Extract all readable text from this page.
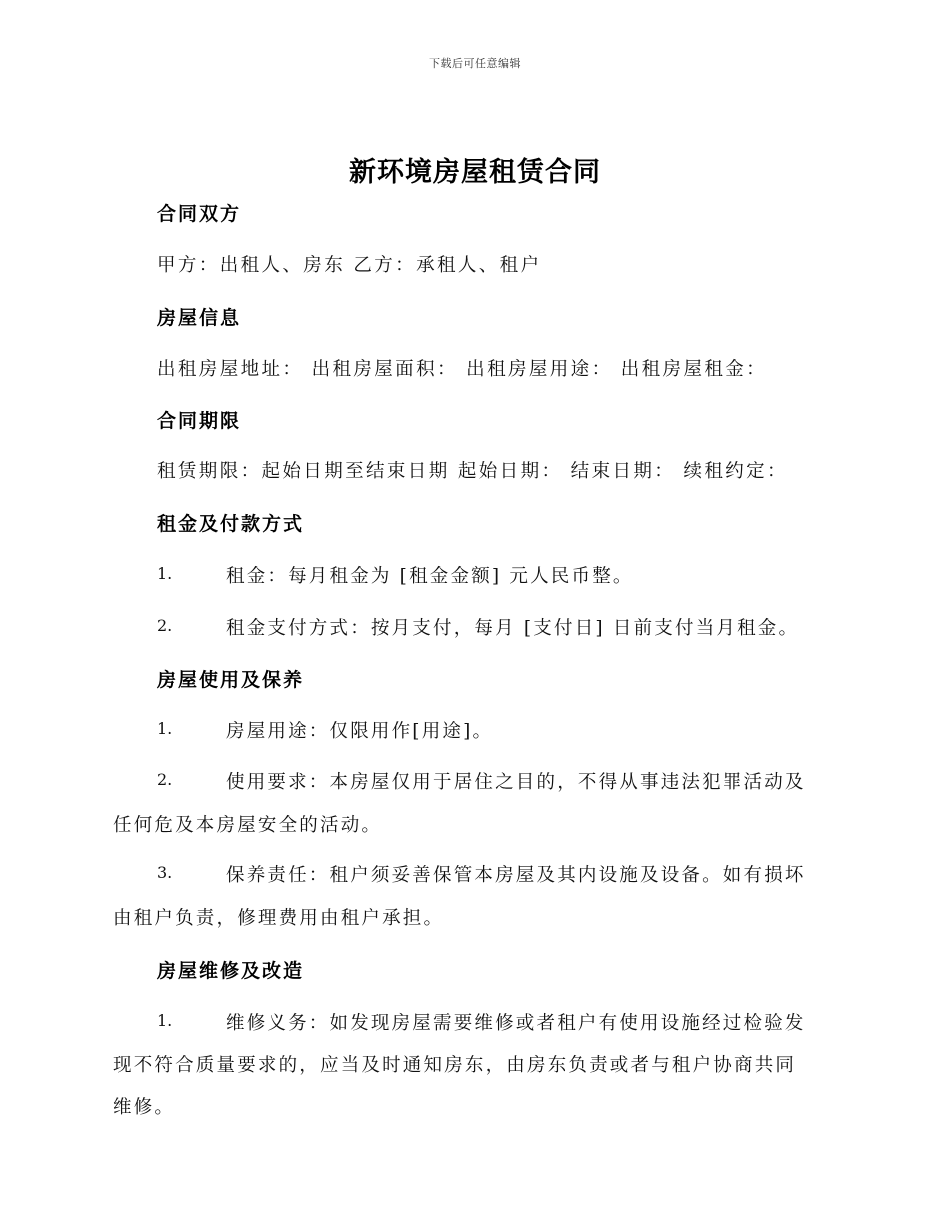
下载后可任意编辑
新环境房屋租赁合同
合同双方
甲方：出租人、房东 乙方：承租人、租户
房屋信息
出租房屋地址： 出租房屋面积： 出租房屋用途： 出租房屋租金：
合同期限
租赁期限：起始日期至结束日期 起始日期： 结束日期： 续租约定：
租金及付款方式
1.	租金：每月租金为 [租金金额] 元人民币整。
2.	租金支付方式：按月支付，每月 [支付日] 日前支付当月租金。
房屋使用及保养
1.	房屋用途：仅限用作[用途]。
2.	使用要求：本房屋仅用于居住之目的，不得从事违法犯罪活动及
任何危及本房屋安全的活动。
3.	保养责任：租户须妥善保管本房屋及其内设施及设备。如有损坏
由租户负责，修理费用由租户承担。
房屋维修及改造
1.	维修义务：如发现房屋需要维修或者租户有使用设施经过检验发
现不符合质量要求的，应当及时通知房东，由房东负责或者与租户协商共同
维修。
